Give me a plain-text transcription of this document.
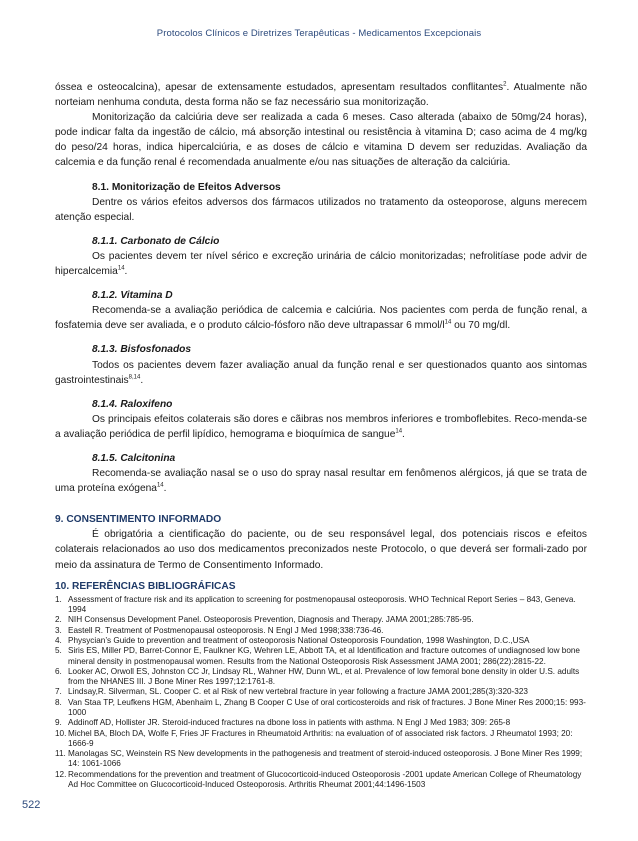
Protocolos Clínicos e Diretrizes Terapêuticas - Medicamentos Excepcionais

óssea e osteocalcina), apesar de extensamente estudados, apresentam resultados conflitantes$^2$. Atualmente não norteiam nenhuma conduta, desta forma não se faz necessário sua monitorização.

Monitorização da calciúria deve ser realizada a cada 6 meses. Caso alterada (abaixo de 50mg/24 horas), pode indicar falta da ingestão de cálcio, má absorção intestinal ou resistência à vitamina D; caso acima de 4 mg/kg do peso/24 horas, indica hipercalciúria, e as doses de cálcio e vitamina D devem ser reduzidas. Avaliação da calcemia e da função renal é recomendada anualmente e/ou nas situações de alteração da calciúria.

8.1. Monitorização de Efeitos Adversos

Dentre os vários efeitos adversos dos fármacos utilizados no tratamento da osteoporose, alguns merecem atenção especial.

8.1.1. Carbonato de Cálcio

Os pacientes devem ter nível sérico e excreção urinária de cálcio monitorizadas; nefrolitíase pode advir de hipercalcemia$^{14}$.

8.1.2. Vitamina D

Recomenda-se a avaliação periódica de calcemia e calciúria. Nos pacientes com perda de função renal, a fosfatemia deve ser avaliada, e o produto cálcio-fósforo não deve ultrapassar 6 mmol/$l^{14}$ ou 70 mg/dl.

8.1.3. Bisfosfonados

Todos os pacientes devem fazer avaliação anual da função renal e ser questionados quanto aos sintomas gastrointestinais$^{8,14}$.

8.1.4. Raloxifeno

Os principais efeitos colaterais são dores e cãibras nos membros inferiores e tromboflebites. Reco-menda-se a avaliação periódica de perfil lipídico, hemograma e bioquímica de sangue$^{14}$.

8.1.5. Calcitonina

Recomenda-se avaliação nasal se o uso do spray nasal resultar em fenômenos alérgicos, já que se trata de uma proteína exógena$^{14}$.

9. CONSENTIMENTO INFORMADO

É obrigatória a cientificação do paciente, ou de seu responsável legal, dos potenciais riscos e efeitos colaterais relacionados ao uso dos medicamentos preconizados neste Protocolo, o que deverá ser formali-zado por meio da assinatura de Termo de Consentimento Informado.

10. REFERÊNCIAS BIBLIOGRÁFICAS

1. Assessment of fracture risk and its application to screening for postmenopausal osteoporosis. WHO Technical Report Series – 843, Geneva. 1994
2. NIH Consensus Development Panel. Osteoporosis Prevention, Diagnosis and Therapy. JAMA 2001;285:785-95.
3. Eastell R. Treatment of Postmenopausal osteoporosis. N Engl J Med 1998;338:736-46.
4. Physycian’s Guide to prevention and treatment of osteoporosis National Osteoporosis Foundation, 1998 Washington, D.C.,USA
5. Siris ES, Miller PD, Barret-Connor E, Faulkner KG, Wehren LE, Abbott TA, et al Identification and fracture outcomes of undiagnosed low bone mineral density in postmenopausal women. Results from the National Osteoporosis Risk Assessment JAMA 2001; 286(22):2815-22.
6. Looker AC, Orwoll ES, Johnston CC Jr, Lindsay RL, Wahner HW, Dunn WL, et al. Prevalence of low femoral bone density in older U.S. adults from the NHANES III. J Bone Miner Res 1997;12:1761-8.
7. Lindsay,R. Silverman, SL. Cooper C. et al Risk of new vertebral fracture in year following a fracture JAMA 2001;285(3):320-323
8. Van Staa TP, Leufkens HGM, Abenhaim L, Zhang B Cooper C Use of oral corticosteroids and risk of fractures. J Bone Miner Res 2000;15: 993-1000
9. Addinoff AD, Hollister JR. Steroid-induced fractures na dbone loss in patients with asthma. N Engl J Med 1983; 309: 265-8
10. Michel BA, Bloch DA, Wolfe F, Fries JF Fractures in Rheumatoid Arthritis: na evaluation of of associated risk factors. J Rheumatol 1993; 20: 1666-9
11. Manolagas SC, Weinstein RS New developments in the pathogenesis and treatment of steroid-induced osteoporosis. J Bone Miner Res 1999; 14: 1061-1066
12. Recommendations for the prevention and treatment of Glucocorticoid-induced Osteoporosis -2001 update American College of Rheumatology Ad Hoc Committee on Glucocorticoid-Induced Osteoporosis. Arthritis Rheumat 2001;44:1496-1503
522
